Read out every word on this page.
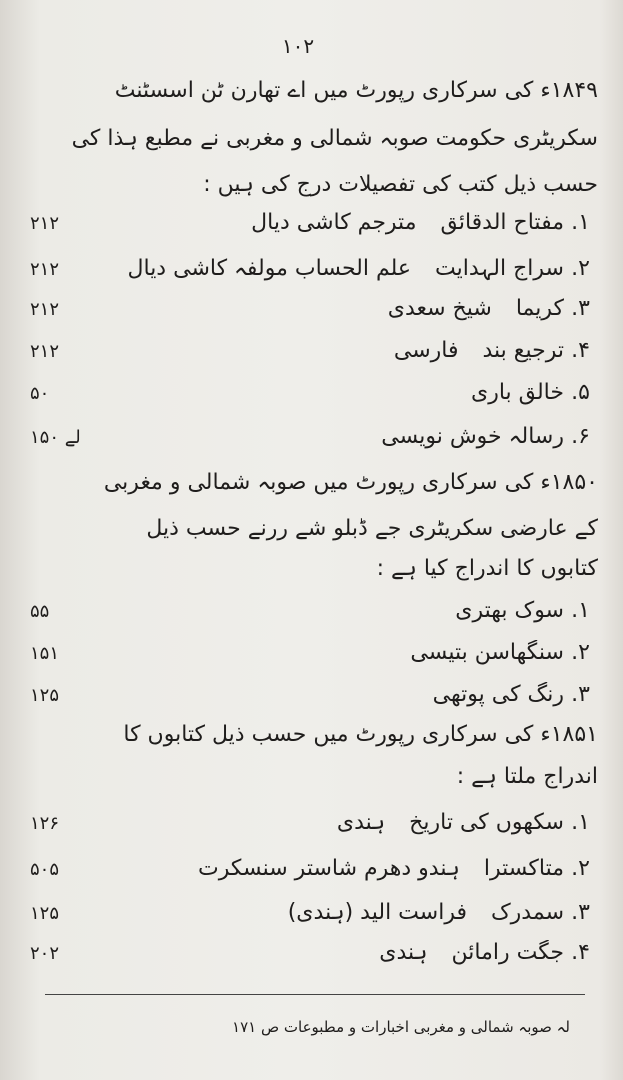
۱۰۲
۱۸۴۹ء کی سرکاری رپورٹ میں اے تھارن ٹن اسسٹنٹ
سکریٹری حکومت صوبہ شمالی و مغربی نے مطبع ہذا کی
حسب ذیل کتب کی تفصیلات درج کی ہیں :
۱.
مفتاح الدقائق
مترجم کاشی دیال
۲۱۲
۲.
سراج الہدایت
علم الحساب مولفہ کاشی دیال
۲۱۲
۳.
کریما
شیخ سعدی
۲۱۲
۴.
ترجیع بند
فارسی
۲۱۲
۵.
خالق باری
۵۰
۶.
رسالہ خوش نویسی
۱۵۰ لے
۱۸۵۰ء کی سرکاری رپورٹ میں صوبہ شمالی و مغربی
کے عارضی سکریٹری جے ڈبلو شے ررنے حسب ذیل
کتابوں کا اندراج کیا ہے :
۱.
سوک بھتری
۵۵
۲.
سنگھاسن بتیسی
۱۵۱
۳.
رنگ کی پوتھی
۱۲۵
۱۸۵۱ء کی سرکاری رپورٹ میں حسب ذیل کتابوں کا
اندراج ملتا ہے :
۱.
سکھوں کی تاریخ
ہندی
۱۲۶
۲.
متاکسترا
ہندو دھرم شاستر سنسکرت
۵۰۵
۳.
سمدرک
فراست الید (ہندی)
۱۲۵
۴.
جگت رامائن
ہندی
۲۰۲
لہ صوبہ شمالی و مغربی اخبارات و مطبوعات ص ۱۷۱
